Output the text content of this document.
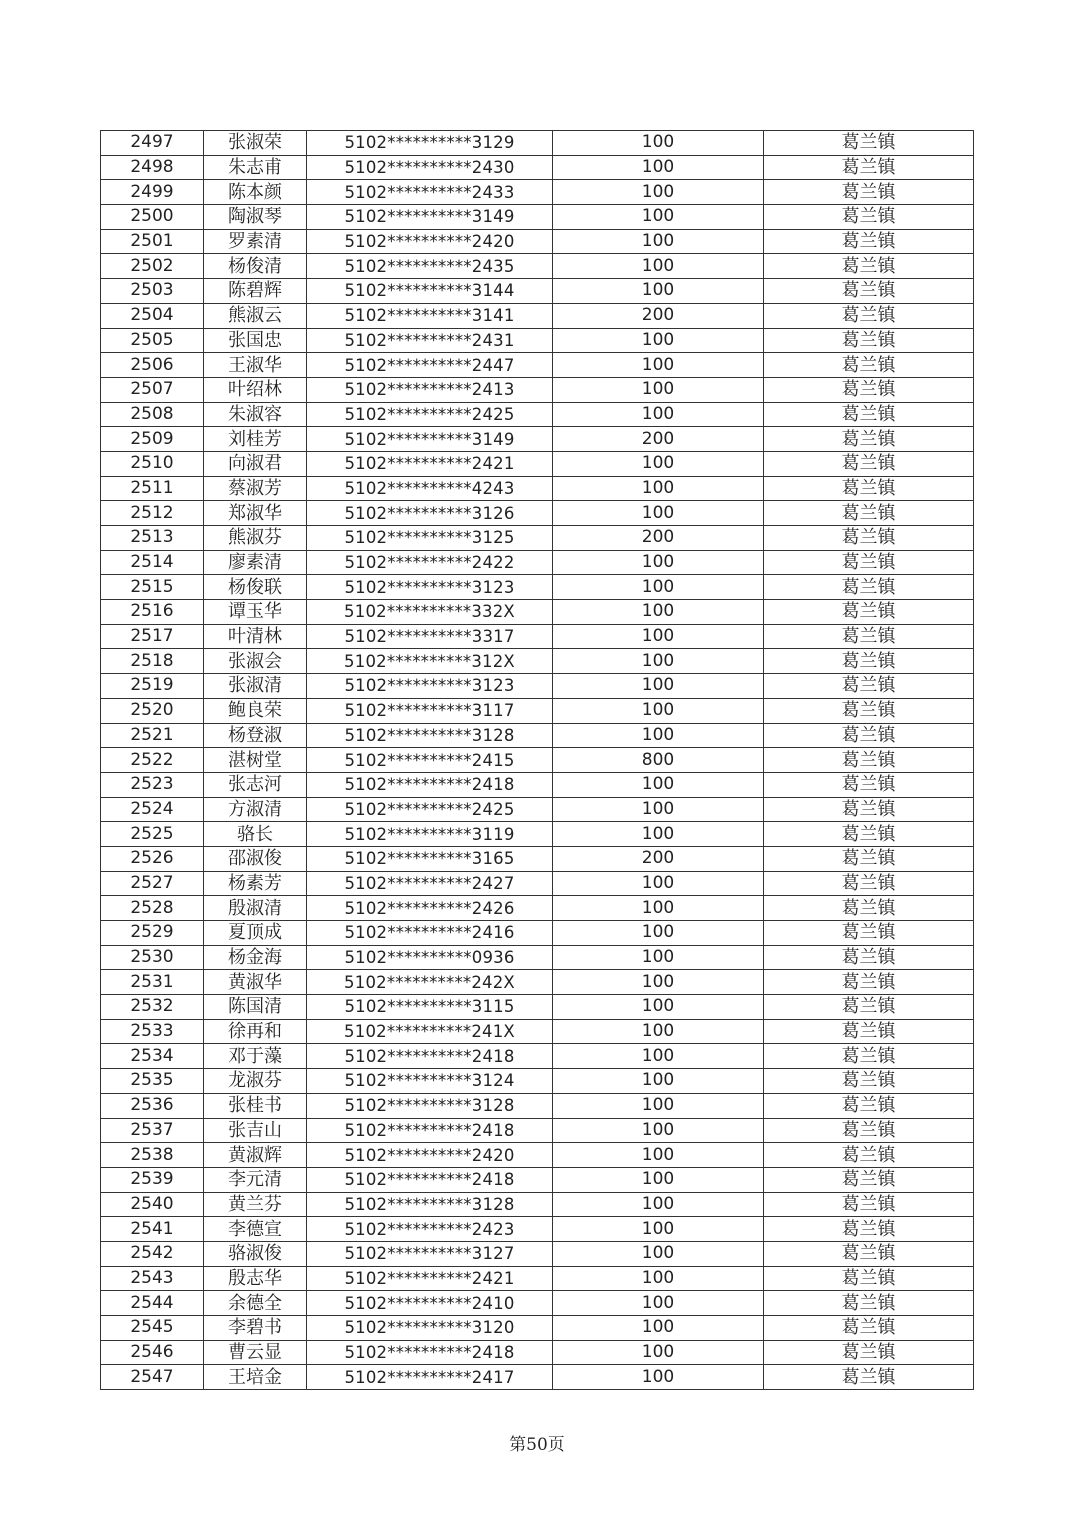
2497	张淑荣	5102**********3129	100	葛兰镇
2498	朱志甫	5102**********2430	100	葛兰镇
2499	陈本颜	5102**********2433	100	葛兰镇
2500	陶淑琴	5102**********3149	100	葛兰镇
2501	罗素清	5102**********2420	100	葛兰镇
2502	杨俊清	5102**********2435	100	葛兰镇
2503	陈碧辉	5102**********3144	100	葛兰镇
2504	熊淑云	5102**********3141	200	葛兰镇
2505	张国忠	5102**********2431	100	葛兰镇
2506	王淑华	5102**********2447	100	葛兰镇
2507	叶绍林	5102**********2413	100	葛兰镇
2508	朱淑容	5102**********2425	100	葛兰镇
2509	刘桂芳	5102**********3149	200	葛兰镇
2510	向淑君	5102**********2421	100	葛兰镇
2511	蔡淑芳	5102**********4243	100	葛兰镇
2512	郑淑华	5102**********3126	100	葛兰镇
2513	熊淑芬	5102**********3125	200	葛兰镇
2514	廖素清	5102**********2422	100	葛兰镇
2515	杨俊联	5102**********3123	100	葛兰镇
2516	谭玉华	5102**********332X	100	葛兰镇
2517	叶清林	5102**********3317	100	葛兰镇
2518	张淑会	5102**********312X	100	葛兰镇
2519	张淑清	5102**********3123	100	葛兰镇
2520	鲍良荣	5102**********3117	100	葛兰镇
2521	杨登淑	5102**********3128	100	葛兰镇
2522	湛树堂	5102**********2415	800	葛兰镇
2523	张志河	5102**********2418	100	葛兰镇
2524	方淑清	5102**********2425	100	葛兰镇
2525	骆长	5102**********3119	100	葛兰镇
2526	邵淑俊	5102**********3165	200	葛兰镇
2527	杨素芳	5102**********2427	100	葛兰镇
2528	殷淑清	5102**********2426	100	葛兰镇
2529	夏顶成	5102**********2416	100	葛兰镇
2530	杨金海	5102**********0936	100	葛兰镇
2531	黄淑华	5102**********242X	100	葛兰镇
2532	陈国清	5102**********3115	100	葛兰镇
2533	徐再和	5102**********241X	100	葛兰镇
2534	邓于藻	5102**********2418	100	葛兰镇
2535	龙淑芬	5102**********3124	100	葛兰镇
2536	张桂书	5102**********3128	100	葛兰镇
2537	张吉山	5102**********2418	100	葛兰镇
2538	黄淑辉	5102**********2420	100	葛兰镇
2539	李元清	5102**********2418	100	葛兰镇
2540	黄兰芬	5102**********3128	100	葛兰镇
2541	李德宣	5102**********2423	100	葛兰镇
2542	骆淑俊	5102**********3127	100	葛兰镇
2543	殷志华	5102**********2421	100	葛兰镇
2544	余德全	5102**********2410	100	葛兰镇
2545	李碧书	5102**********3120	100	葛兰镇
2546	曹云显	5102**********2418	100	葛兰镇
2547	王培金	5102**********2417	100	葛兰镇
第50页
